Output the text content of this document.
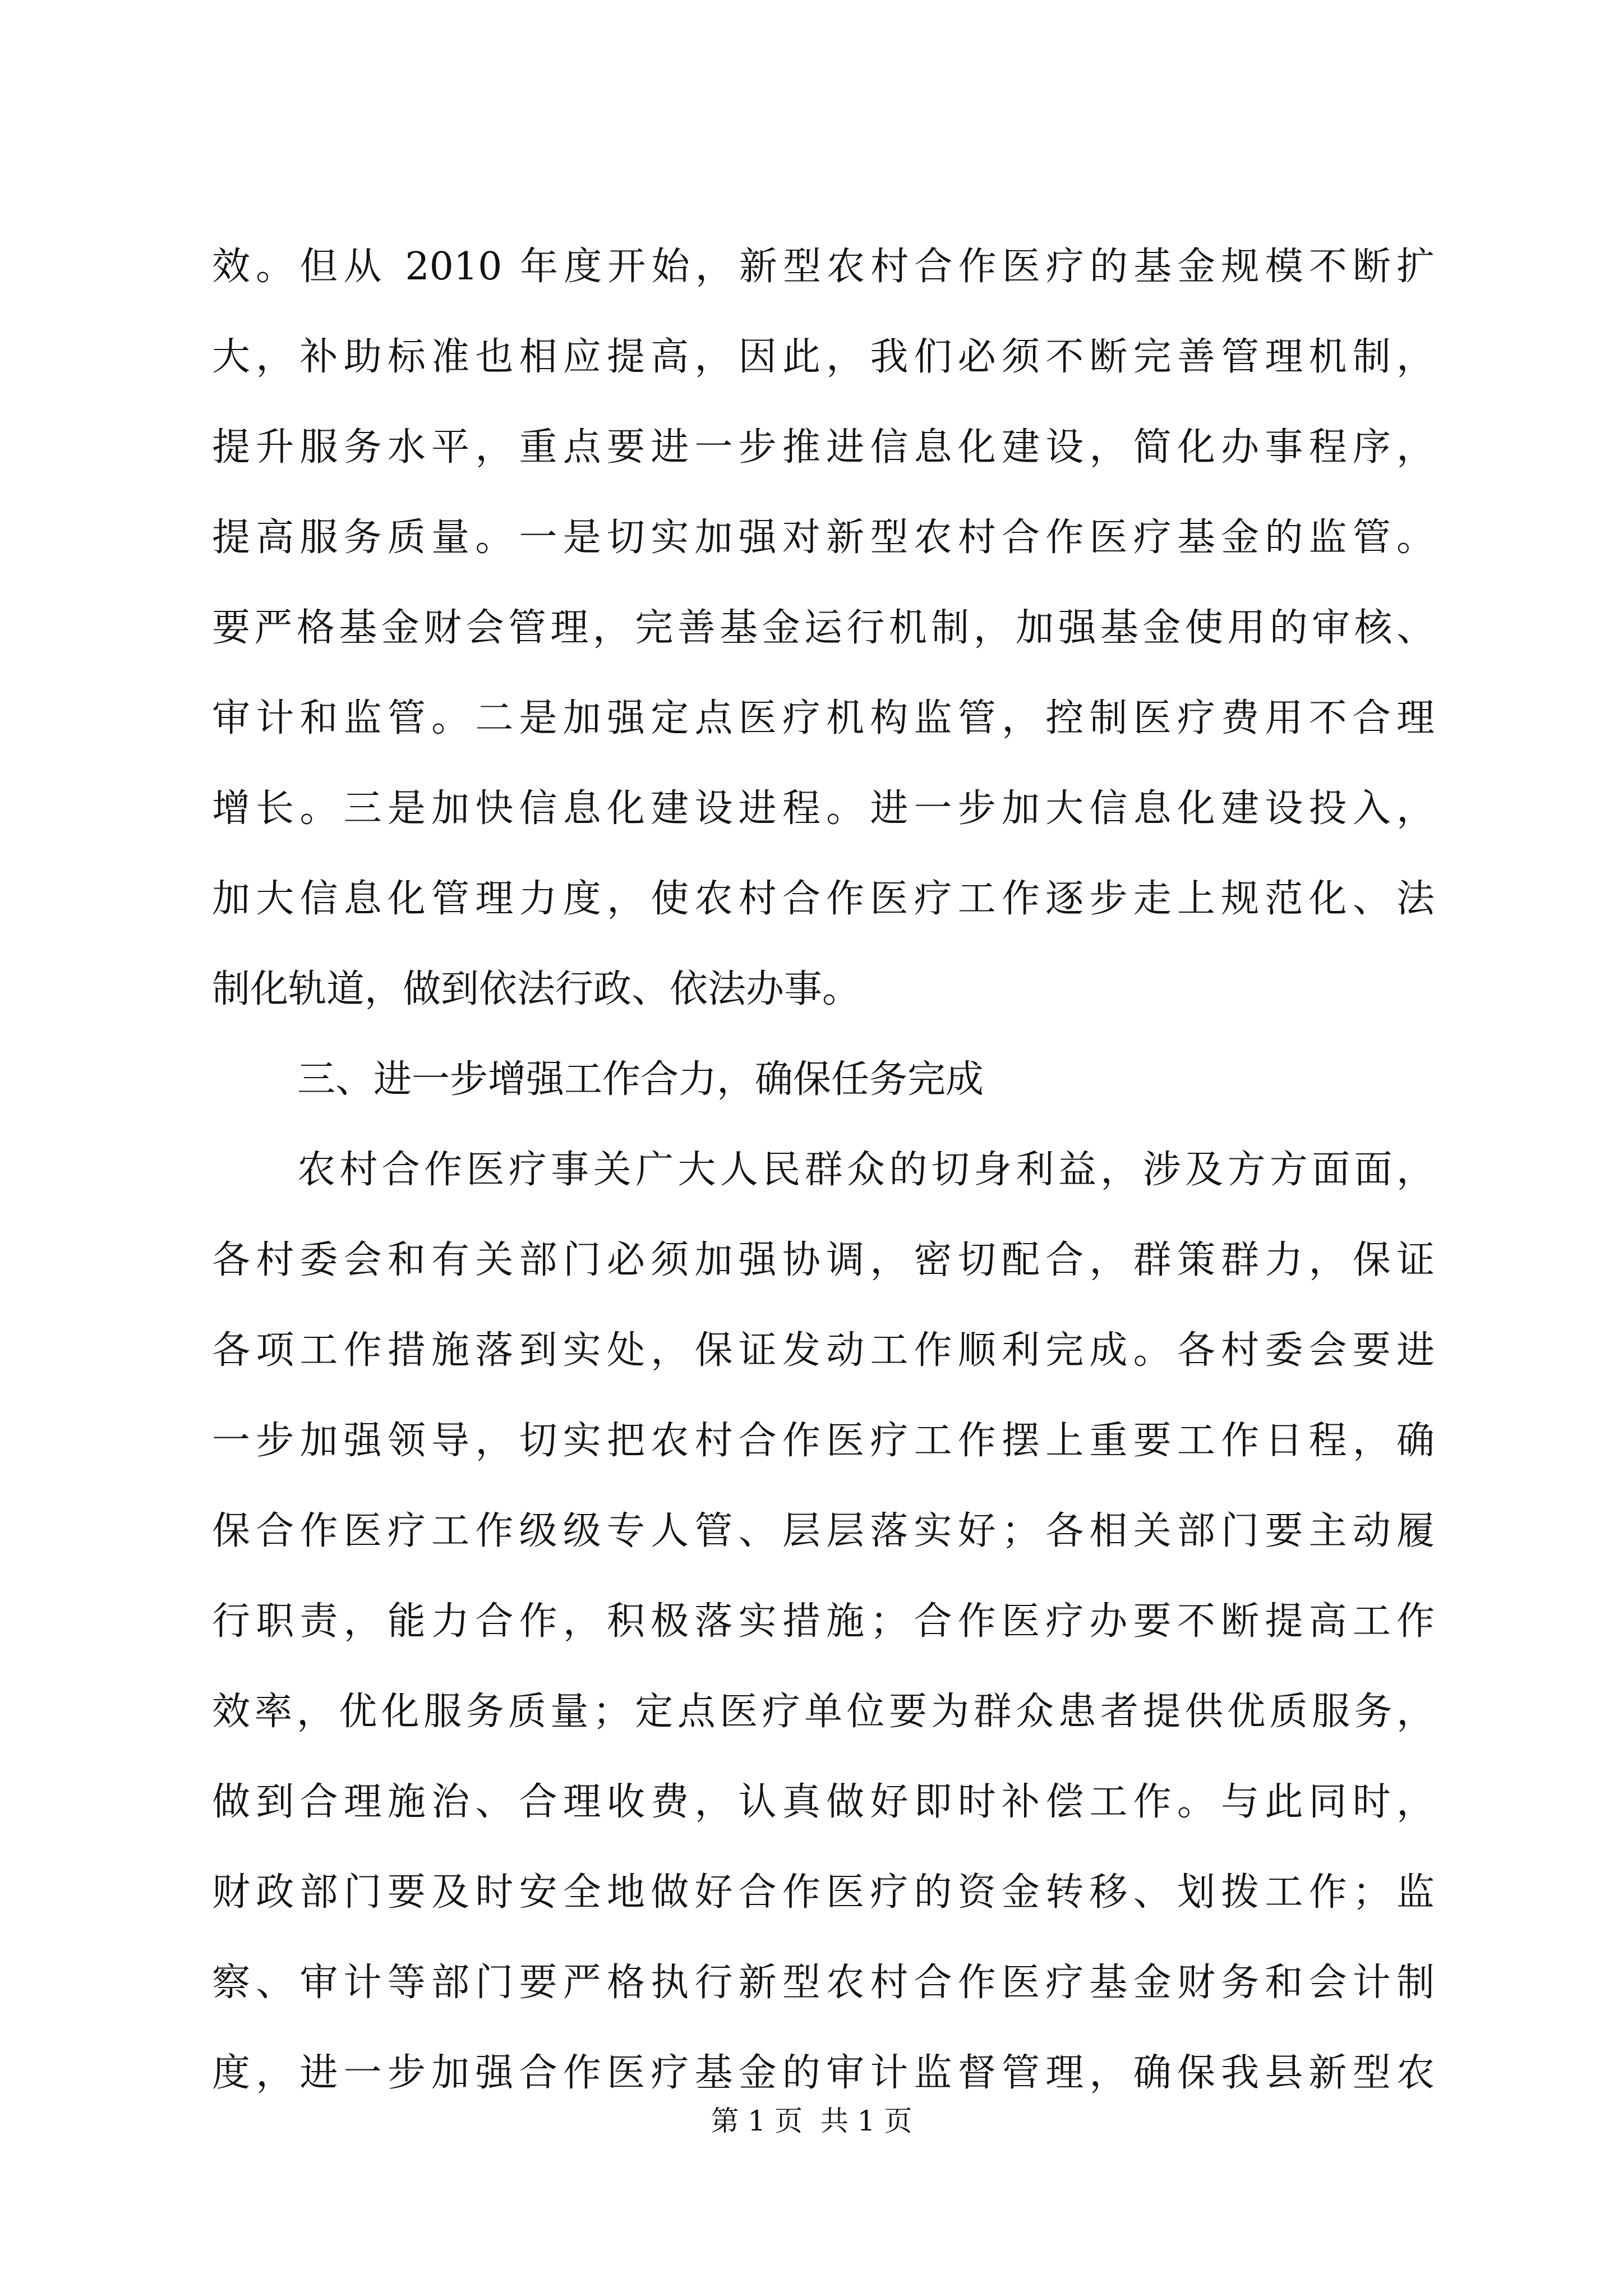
效。但从 2010 年度开始，新型农村合作医疗的基金规模不断扩
大，补助标准也相应提高，因此，我们必须不断完善管理机制，
提升服务水平，重点要进一步推进信息化建设，简化办事程序，
提高服务质量。一是切实加强对新型农村合作医疗基金的监管。
要严格基金财会管理，完善基金运行机制，加强基金使用的审核、
审计和监管。二是加强定点医疗机构监管，控制医疗费用不合理
增长。三是加快信息化建设进程。进一步加大信息化建设投入，
加大信息化管理力度，使农村合作医疗工作逐步走上规范化、法
制化轨道，做到依法行政、依法办事。
三、进一步增强工作合力，确保任务完成
农村合作医疗事关广大人民群众的切身利益，涉及方方面面，
各村委会和有关部门必须加强协调，密切配合，群策群力，保证
各项工作措施落到实处，保证发动工作顺利完成。各村委会要进
一步加强领导，切实把农村合作医疗工作摆上重要工作日程，确
保合作医疗工作级级专人管、层层落实好；各相关部门要主动履
行职责，能力合作，积极落实措施；合作医疗办要不断提高工作
效率，优化服务质量；定点医疗单位要为群众患者提供优质服务，
做到合理施治、合理收费，认真做好即时补偿工作。与此同时，
财政部门要及时安全地做好合作医疗的资金转移、划拨工作；监
察、审计等部门要严格执行新型农村合作医疗基金财务和会计制
度，进一步加强合作医疗基金的审计监督管理，确保我县新型农
第 1 页  共 1 页
